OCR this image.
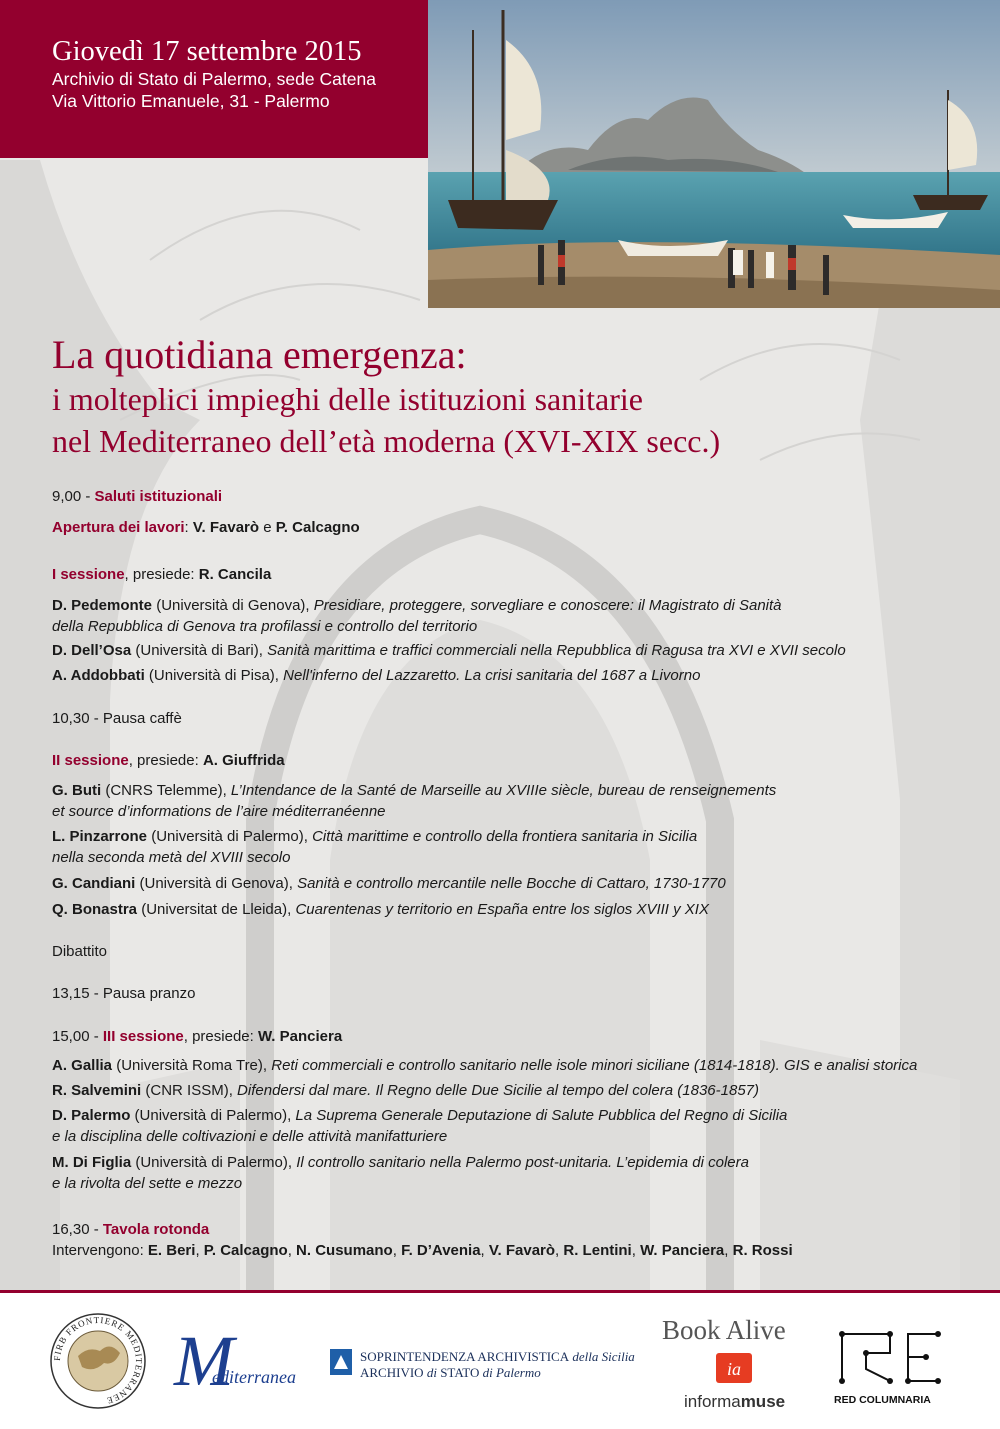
Giovedì 17 settembre 2015
Archivio di Stato di Palermo, sede Catena
Via Vittorio Emanuele, 31 - Palermo
La quotidiana emergenza:
i molteplici impieghi delle istituzioni sanitarie
nel Mediterraneo dell’età moderna (XVI-XIX secc.)
9,00 - Saluti istituzionali
Apertura dei lavori: V. Favarò e P. Calcagno
I sessione, presiede: R. Cancila
D. Pedemonte (Università di Genova), Presidiare, proteggere, sorvegliare e conoscere: il Magistrato di Sanità
della Repubblica di Genova tra profilassi e controllo del territorio
D. Dell’Osa (Università di Bari), Sanità marittima e traffici commerciali nella Repubblica di Ragusa tra XVI e XVII secolo
A. Addobbati (Università di Pisa), Nell'inferno del Lazzaretto. La crisi sanitaria del 1687 a Livorno
10,30 - Pausa caffè
II sessione, presiede: A. Giuffrida
G. Buti (CNRS Telemme), L’Intendance de la Santé de Marseille au XVIIIe siècle, bureau de renseignements
et source d’informations de l’aire méditerranéenne
L. Pinzarrone (Università di Palermo), Città marittime e controllo della frontiera sanitaria in Sicilia
nella seconda metà del XVIII secolo
G. Candiani (Università di Genova), Sanità e controllo mercantile nelle Bocche di Cattaro, 1730-1770
Q. Bonastra (Universitat de Lleida), Cuarentenas y territorio en España entre los siglos XVIII y XIX
Dibattito
13,15 - Pausa pranzo
15,00 - III sessione, presiede: W. Panciera
A. Gallia (Università Roma Tre), Reti commerciali e controllo sanitario nelle isole minori siciliane (1814-1818). GIS e analisi storica
R. Salvemini (CNR ISSM), Difendersi dal mare. Il Regno delle Due Sicilie al tempo del colera (1836-1857)
D. Palermo (Università di Palermo), La Suprema Generale Deputazione di Salute Pubblica del Regno di Sicilia
e la disciplina delle coltivazioni e delle attività manifatturiere
M. Di Figlia (Università di Palermo), Il controllo sanitario nella Palermo post-unitaria. L’epidemia di colera
e la rivolta del sette e mezzo
16,30 - Tavola rotonda
Intervengono: E. Beri, P. Calcagno, N. Cusumano, F. D’Avenia, V. Favarò, R. Lentini, W. Panciera, R. Rossi
FIRB FRONTIERE MEDITERRANEE M
editerranea
SOPRINTENDENZA ARCHIVISTICA della Sicilia
ARCHIVIO di STATO di Palermo
Book Alive
ia
informamuse	RED COLUMNARIA
